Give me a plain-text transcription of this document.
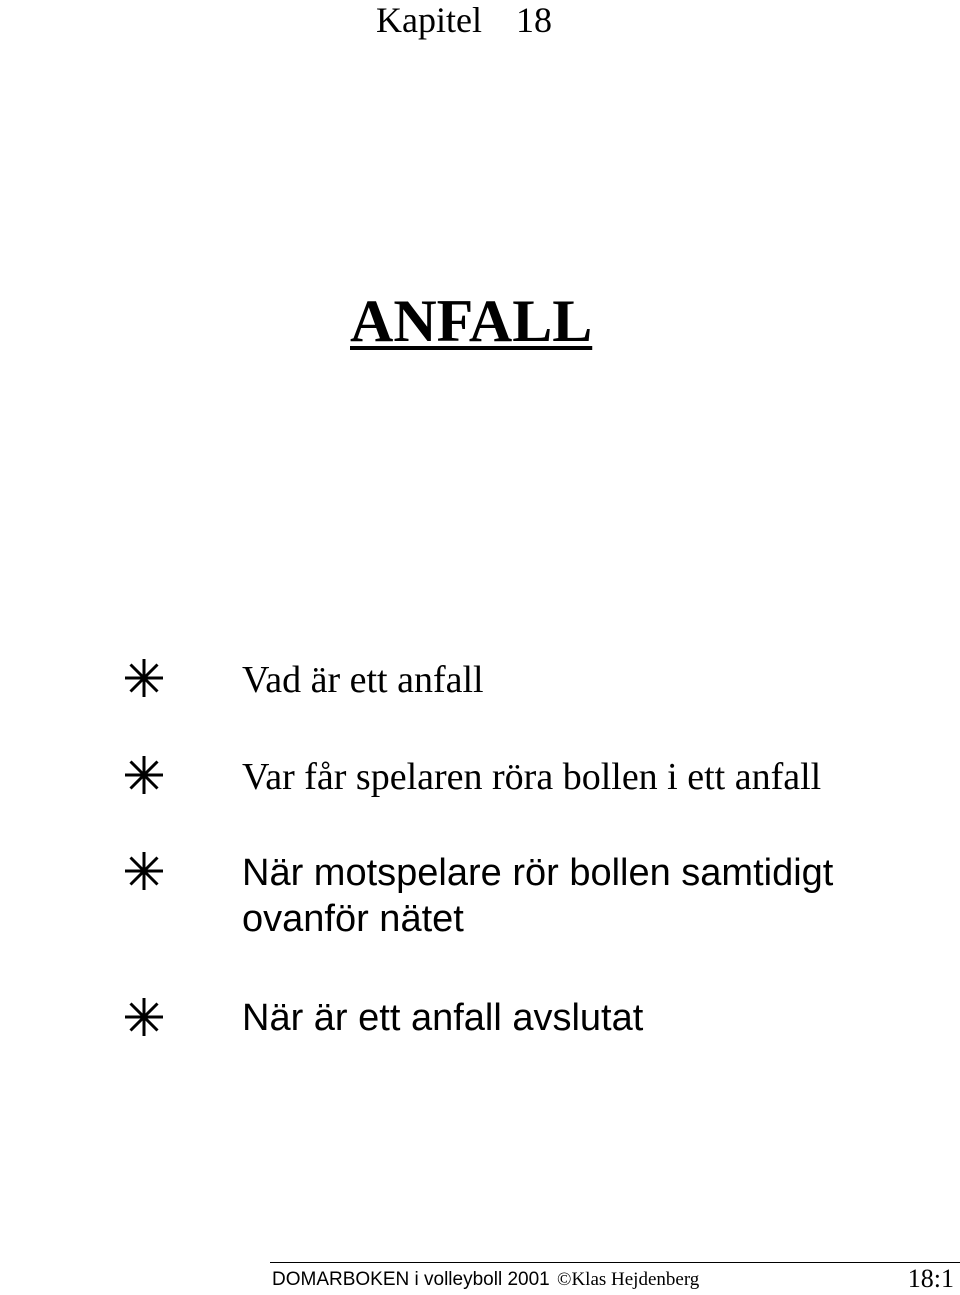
Kapitel 18
ANFALL
Vad är ett anfall
Var får spelaren röra bollen i ett anfall
När motspelare rör bollen samtidigt
ovanför nätet
När är ett anfall avslutat
DOMARBOKEN i volleyboll 2001 ©Klas Hejdenberg	18:1
